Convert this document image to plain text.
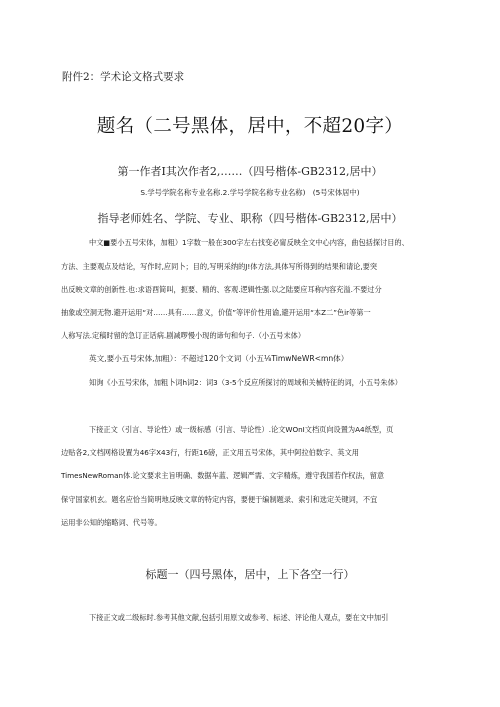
附件2：学术论文格式要求
题名（二号黑体，居中，不超20字）
第一作者Ⅰ其次作者2,……（四号楷体-GB2312,居中）
S.学号学院名称专业名称.2.学号学院名称专业名称)　(5号宋体居中)
指导老师姓名、学院、专业、职称（四号楷体-GB2312,居中）
中文■要小五号宋体，加粗）1字数一般在300字左右找变必甯反映全文中心内容，曲包括探讨目的、
方法、主要观点及结论，写作时,应同卜；目的,写明采纳的J!体方法,具体写所得到的结果和请论,要突
出反映文章的创新性.也:求语酉简叫，扼要、精的、客观.逻辑性强.以之陆要应耳称内容充溢.不要过分
抽象或空洞无物.避开运用“对……具有……意义，价值”等评价性用谕,避开运用“本Z二”色ir等第一
人称写法.定稿时留的急订正话病.剧减啰慢小现的谛句和句子.（小五号末体）
英文,要小五号宋体,加粗）：不超过120个文词（小五⅛TimwNeWR<mn体）
知询《小五号宋体，加粗卜词h词2：词3（3-5个反应所探讨的周域和关械特征的词，小五号朱体）
下接正文（引言、导论性）或一级标感（引言、导论性）.论文WOnI文档页向设置为A4纸型，页
边贴各2,文档网格设置为46字X43行，行距16磅，正文用五号宋体，其中阿拉伯数字、英文用
TimesNewRoman体.论文要求主旨明确、数据车蓝、逻辑严需、文字精炼，遵守我国若作权法，留意
保守国家机玄。题名应恰当简明地反映文章的特定内容，要便于编制题录、索引和选定关键词，不宜
运用非公知的缩略词、代号等。
标题一（四号黑体，居中，上下各空一行）
下接正文或二级标时.参考其他文献,包括引用原文或参考、标述、评论他人观点，要在文中加引
